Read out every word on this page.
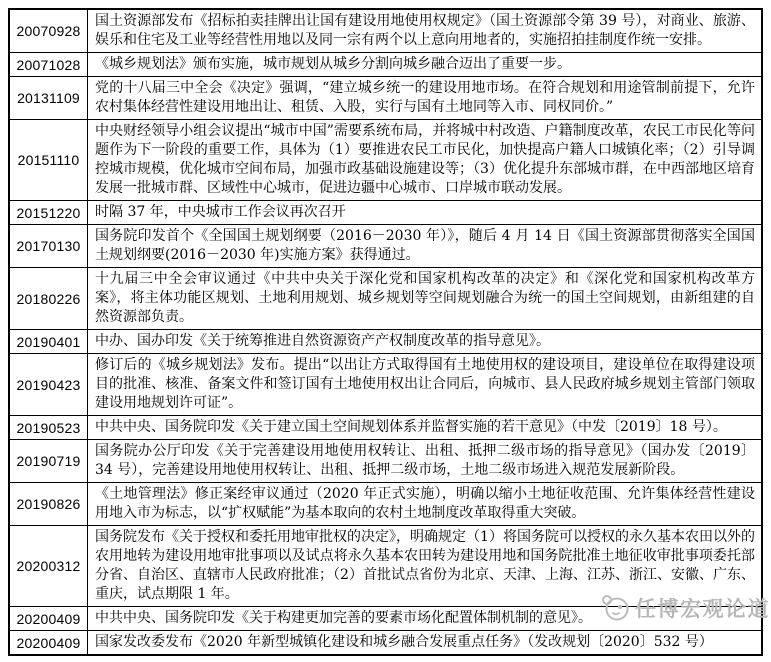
20070928	国土资源部发布《招标拍卖挂牌出让国有建设用地使用权规定》（国土资源部令第 39 号），对商业、旅游、娱乐和住宅及工业等经营性用地以及同一宗有两个以上意向用地者的，实施招拍挂制度作统一安排。
20071028	《城乡规划法》颁布实施，城市规划从城乡分割向城乡融合迈出了重要一步。
20131109	党的十八届三中全会《决定》强调，“建立城乡统一的建设用地市场。在符合规划和用途管制前提下，允许农村集体经营性建设用地出让、租赁、入股，实行与国有土地同等入市、同权同价。”
20151110	中央财经领导小组会议提出“城市中国”需要系统布局，并将城中村改造、户籍制度改革，农民工市民化等问题作为下一阶段的重要工作，具体为（1）要推进农民工市民化，加快提高户籍人口城镇化率；（2）引导调控城市规模，优化城市空间布局，加强市政基础设施建设等；（3）优化提升东部城市群，在中西部地区培育发展一批城市群、区域性中心城市，促进边疆中心城市、口岸城市联动发展。
20151220	时隔 37 年，中央城市工作会议再次召开
20170130	国务院印发首个《全国国土规划纲要（2016－2030 年）》，随后 4 月 14 日《国土资源部贯彻落实全国国土规划纲要(2016－2030 年)实施方案》获得通过。
20180226	十九届三中全会审议通过《中共中央关于深化党和国家机构改革的决定》和《深化党和国家机构改革方案》，将主体功能区规划、土地利用规划、城乡规划等空间规划融合为统一的国土空间规划，由新组建的自然资源部负责。
20190401	中办、国办印发《关于统筹推进自然资源资产产权制度改革的指导意见》。
20190423	修订后的《城乡规划法》发布。提出“以出让方式取得国有土地使用权的建设项目，建设单位在取得建设项目的批准、核准、备案文件和签订国有土地使用权出让合同后，向城市、县人民政府城乡规划主管部门领取建设用地规划许可证”。
20190523	中共中央、国务院印发《关于建立国土空间规划体系并监督实施的若干意见》（中发〔2019〕18 号）。
20190719	国务院办公厅印发《关于完善建设用地使用权转让、出租、抵押二级市场的指导意见》（国办发〔2019〕34 号），完善建设用地使用权转让、出租、抵押二级市场，土地二级市场进入规范发展新阶段。
20190826	《土地管理法》修正案经审议通过（2020 年正式实施），明确以缩小土地征收范围、允许集体经营性建设用地入市为标志，以“扩权赋能”为基本取向的农村土地制度改革取得重大突破。
20200312	国务院发布《关于授权和委托用地审批权的决定》，明确规定（1）将国务院可以授权的永久基本农田以外的农用地转为建设用地审批事项以及试点将永久基本农田转为建设用地和国务院批准土地征收审批事项委托部分省、自治区、直辖市人民政府批准；（2）首批试点省份为北京、天津、上海、江苏、浙江、安徽、广东、重庆，试点期限 1 年。
20200409	中共中央、国务院印发《关于构建更加完善的要素市场化配置体制机制的意见》。
20200409	国家发改委发布《2020 年新型城镇化建设和城乡融合发展重点任务》（发改规划〔2020〕532 号）
任博宏观论道
